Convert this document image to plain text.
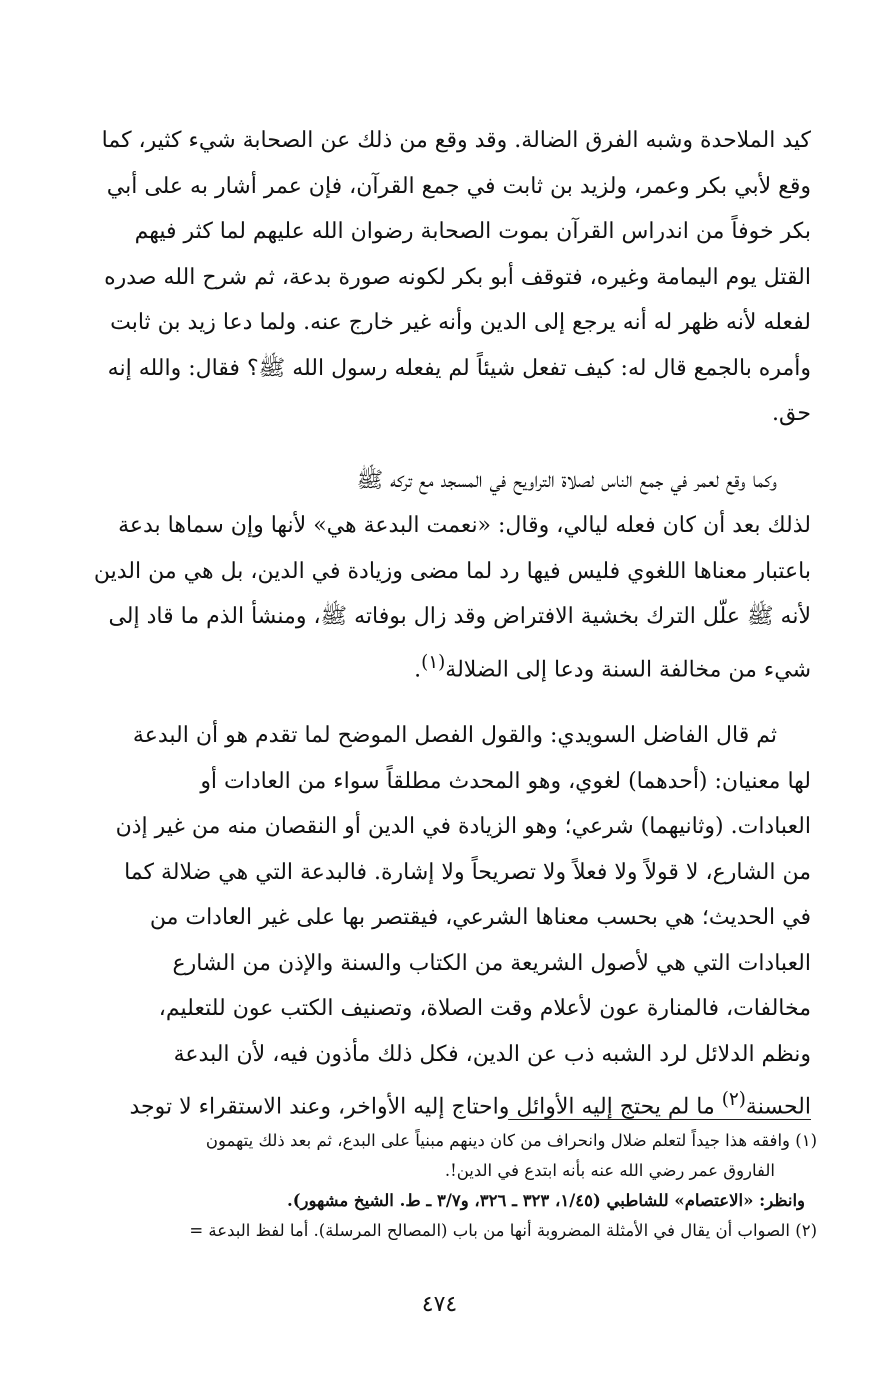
كيد الملاحدة وشبه الفرق الضالة. وقد وقع من ذلك عن الصحابة شيء كثير، كما
وقع لأبي بكر وعمر، ولزيد بن ثابت في جمع القرآن، فإن عمر أشار به على أبي
بكر خوفاً من اندراس القرآن بموت الصحابة رضوان الله عليهم لما كثر فيهم
القتل يوم اليمامة وغيره، فتوقف أبو بكر لكونه صورة بدعة، ثم شرح الله صدره
لفعله لأنه ظهر له أنه يرجع إلى الدين وأنه غير خارج عنه. ولما دعا زيد بن ثابت
وأمره بالجمع قال له: كيف تفعل شيئاً لم يفعله رسول الله ﷺ؟ فقال: والله إنه
حق.

وكما وقع لعمر في جمع الناس لصلاة التراويح في المسجد مع تركه ﷺ
لذلك بعد أن كان فعله ليالي، وقال: «نعمت البدعة هي» لأنها وإن سماها بدعة
باعتبار معناها اللغوي فليس فيها رد لما مضى وزيادة في الدين، بل هي من الدين
لأنه ﷺ علّل الترك بخشية الافتراض وقد زال بوفاته ﷺ، ومنشأ الذم ما قاد إلى
شيء من مخالفة السنة ودعا إلى الضلالة$^{(١)}$.

ثم قال الفاضل السويدي: والقول الفصل الموضح لما تقدم هو أن البدعة
لها معنيان: (أحدهما) لغوي، وهو المحدث مطلقاً سواء من العادات أو
العبادات. (وثانيهما) شرعي؛ وهو الزيادة في الدين أو النقصان منه من غير إذن
من الشارع، لا قولاً ولا فعلاً ولا تصريحاً ولا إشارة. فالبدعة التي هي ضلالة كما
في الحديث؛ هي بحسب معناها الشرعي، فيقتصر بها على غير العادات من
العبادات التي هي لأصول الشريعة من الكتاب والسنة والإذن من الشارع
مخالفات، فالمنارة عون لأعلام وقت الصلاة، وتصنيف الكتب عون للتعليم،
ونظم الدلائل لرد الشبه ذب عن الدين، فكل ذلك مأذون فيه، لأن البدعة
الحسنة$^{(٢)}$ ما لم يحتج إليه الأوائل واحتاج إليه الأواخر، وعند الاستقراء لا توجد

(١) وافقه هذا جيداً لتعلم ضلال وانحراف من كان دينهم مبنياً على البدع، ثم بعد ذلك يتهمون
الفاروق عمر رضي الله عنه بأنه ابتدع في الدين!.
وانظر: «الاعتصام» للشاطبي (١/٤٥، ٣٢٣ ـ ٣٢٦، و٣/٧ ـ ط. الشيخ مشهور).

(٢) الصواب أن يقال في الأمثلة المضروبة أنها من باب (المصالح المرسلة). أما لفظ البدعة =

٤٧٤
